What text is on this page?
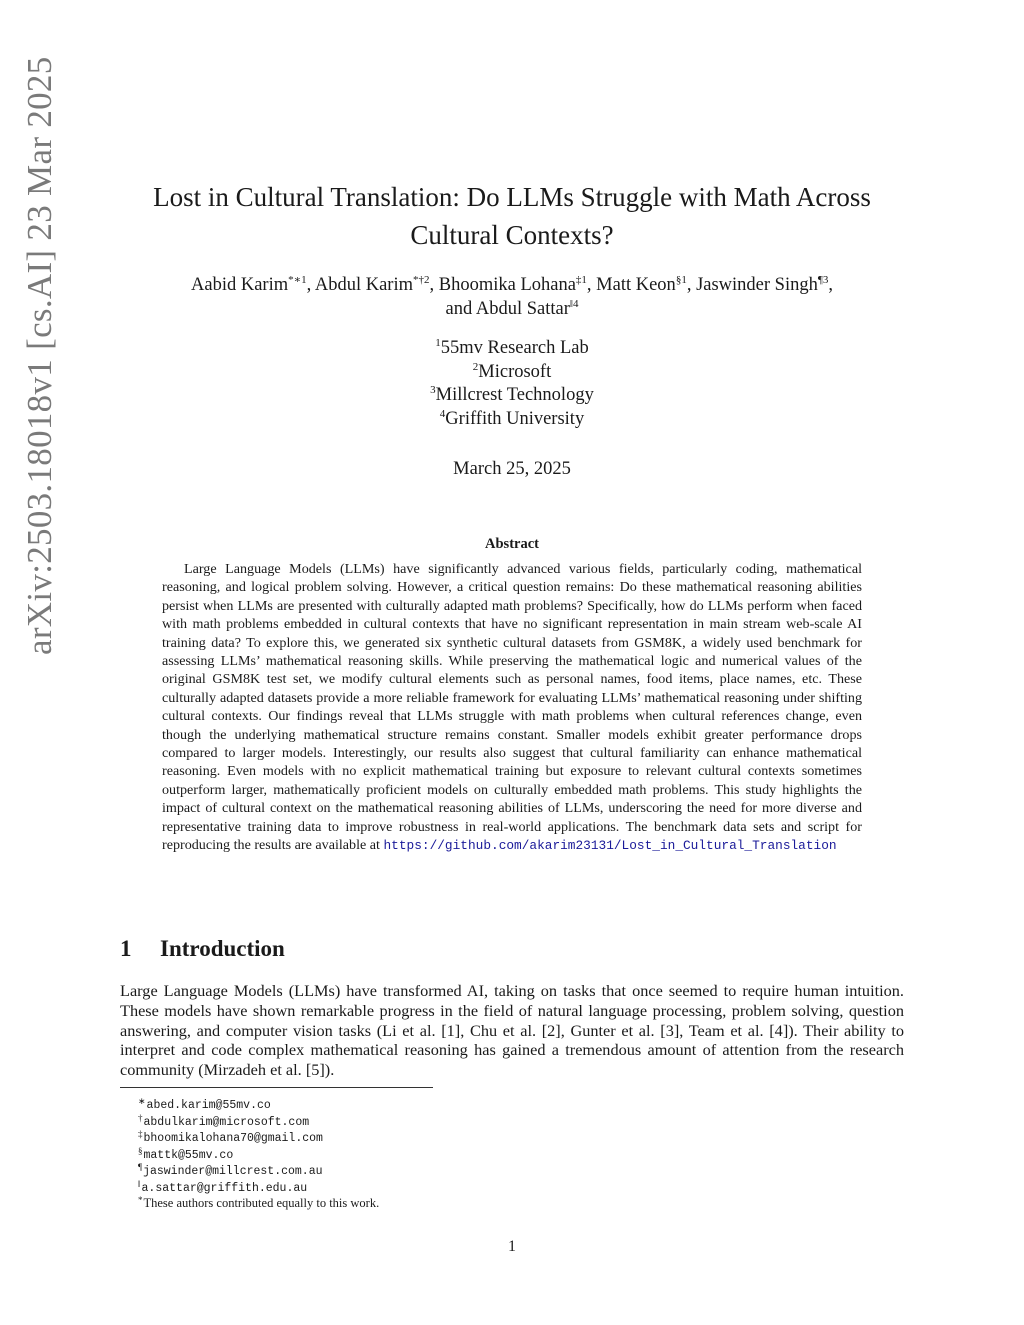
arXiv:2503.18018v1 [cs.AI] 23 Mar 2025	Lost in Cultural Translation: Do LLMs Struggle with Math Across Cultural Contexts?
Aabid Karim$^{*∗1}$, Abdul Karim$^{*\dagger 2}$, Bhoomika Lohana$^{\ddagger 1}$, Matt Keon$^{\S 1}$, Jaswinder Singh$^{\P 3}$,
and Abdul Sattar$^{‖4}$
$^1$55mv Research Lab
$^2$Microsoft
$^3$Millcrest Technology
$^4$Griffith University
March 25, 2025
Abstract
Large Language Models (LLMs) have significantly advanced various fields, particularly coding, mathematical reasoning, and logical problem solving. However, a critical question remains: Do these mathematical reasoning abilities persist when LLMs are presented with culturally adapted math problems? Specifically, how do LLMs perform when faced with math problems embedded in cultural contexts that have no significant representation in main stream web-scale AI training data? To explore this, we generated six synthetic cultural datasets from GSM8K, a widely used benchmark for assessing LLMs’ mathematical reasoning skills. While preserving the mathematical logic and numerical values of the original GSM8K test set, we modify cultural elements such as personal names, food items, place names, etc. These culturally adapted datasets provide a more reliable framework for evaluating LLMs’ mathematical reasoning under shifting cultural contexts. Our findings reveal that LLMs struggle with math problems when cultural references change, even though the underlying mathematical structure remains constant. Smaller models exhibit greater performance drops compared to larger models. Interestingly, our results also suggest that cultural familiarity can enhance mathematical reasoning. Even models with no explicit mathematical training but exposure to relevant cultural contexts sometimes outperform larger, mathematically proficient models on culturally embedded math problems. This study highlights the impact of cultural context on the mathematical reasoning abilities of LLMs, underscoring the need for more diverse and representative training data to improve robustness in real-world applications. The benchmark data sets and script for reproducing the results are available at https://github.com/akarim23131/Lost_in_Cultural_Translation
1 Introduction
Large Language Models (LLMs) have transformed AI, taking on tasks that once seemed to require human intuition. These models have shown remarkable progress in the field of natural language processing, problem solving, question answering, and computer vision tasks (Li et al. [1], Chu et al. [2], Gunter et al. [3], Team et al. [4]). Their ability to interpret and code complex mathematical reasoning has gained a tremendous amount of attention from the research community (Mirzadeh et al. [5]).
∗abed.karim@55mv.co
†abdulkarim@microsoft.com
‡bhoomikalohana70@gmail.com
§mattk@55mv.co
¶jaswinder@millcrest.com.au
‖a.sattar@griffith.edu.au
*These authors contributed equally to this work.
1
